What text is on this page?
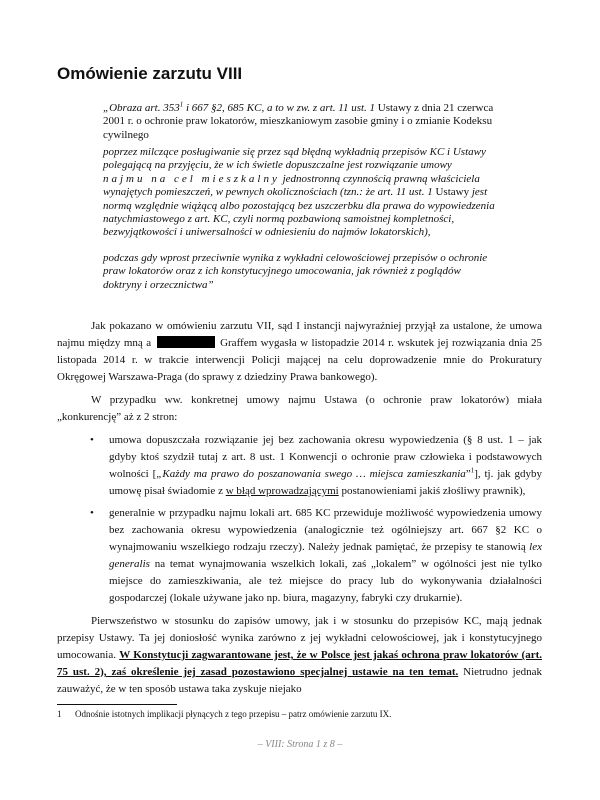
Omówienie zarzutu VIII
„Obraza art. $353^1$ i 667 §2, 685 KC, a to w zw. z art. 11 ust. 1 Ustawy z dnia 21 czerwca 2001 r. o ochronie praw lokatorów, mieszkaniowym zasobie gminy i o zmianie Kodeksu cywilnego
poprzez milczące posługiwanie się przez sąd błędną wykładnią przepisów KC i Ustawy polegającą na przyjęciu, że w ich świetle dopuszczalne jest rozwiązanie umowy najmu na cel mieszkalny jednostronną czynnością prawną właściciela wynajętych pomieszczeń, w pewnych okolicznościach (tzn.: że art. 11 ust. 1 Ustawy jest normą względnie wiążącą albo pozostającą bez uszczerbku dla prawa do wypowiedzenia natychmiastowego z art. KC, czyli normą pozbawioną samoistnej kompletności, bezwyjątkowości i uniwersalności w odniesieniu do najmów lokatorskich),
podczas gdy wprost przeciwnie wynika z wykładni celowościowej przepisów o ochronie praw lokatorów oraz z ich konstytucyjnego umocowania, jak również z poglądów doktryny i orzecznictwa”

Jak pokazano w omówieniu zarzutu VII, sąd I instancji najwyraźniej przyjął za ustalone, że umowa najmu między mną a	Graffem wygasła w listopadzie 2014 r. wskutek jej rozwiązania dnia 25 listopada 2014 r. w trakcie interwencji Policji mającej na celu doprowadzenie mnie do Prokuratury Okręgowej Warszawa-Praga (do sprawy z dziedziny Prawa bankowego).

W przypadku ww. konkretnej umowy najmu Ustawa (o ochronie praw lokatorów) miała „konkurencję” aż z 2 stron:

• umowa dopuszczała rozwiązanie jej bez zachowania okresu wypowiedzenia (§ 8 ust. 1 – jak gdyby ktoś szydził tutaj z art. 8 ust. 1 Konwencji o ochronie praw człowieka i podstawowych wolności [„Każdy ma prawo do poszanowania swego … miejsca zamieszkania”$^1$], tj. jak gdyby umowę pisał świadomie z w błąd wprowadzającymi postanowieniami jakiś złośliwy prawnik),
• generalnie w przypadku najmu lokali art. 685 KC przewiduje możliwość wypowiedzenia umowy bez zachowania okresu wypowiedzenia (analogicznie też ogólniejszy art. 667 §2 KC o wynajmowaniu wszelkiego rodzaju rzeczy). Należy jednak pamiętać, że przepisy te stanowią lex generalis na temat wynajmowania wszelkich lokali, zaś „lokalem” w ogólności jest nie tylko miejsce do zamieszkiwania, ale też miejsce do pracy lub do wykonywania działalności gospodarczej (lokale używane jako np. biura, magazyny, fabryki czy drukarnie).

Pierwszeństwo w stosunku do zapisów umowy, jak i w stosunku do przepisów KC, mają jednak przepisy Ustawy. Ta jej doniosłość wynika zarówno z jej wykładni celowościowej, jak i konstytucyjnego umocowania. W Konstytucji zagwarantowane jest, że w Polsce jest jakaś ochrona praw lokatorów (art. 75 ust. 2), zaś określenie jej zasad pozostawiono specjalnej ustawie na ten temat. Nietrudno jednak zauważyć, że w ten sposób ustawa taka zyskuje niejako

1 Odnośnie istotnych implikacji płynących z tego przepisu – patrz omówienie zarzutu IX.
– VIII: Strona 1 z 8 –
